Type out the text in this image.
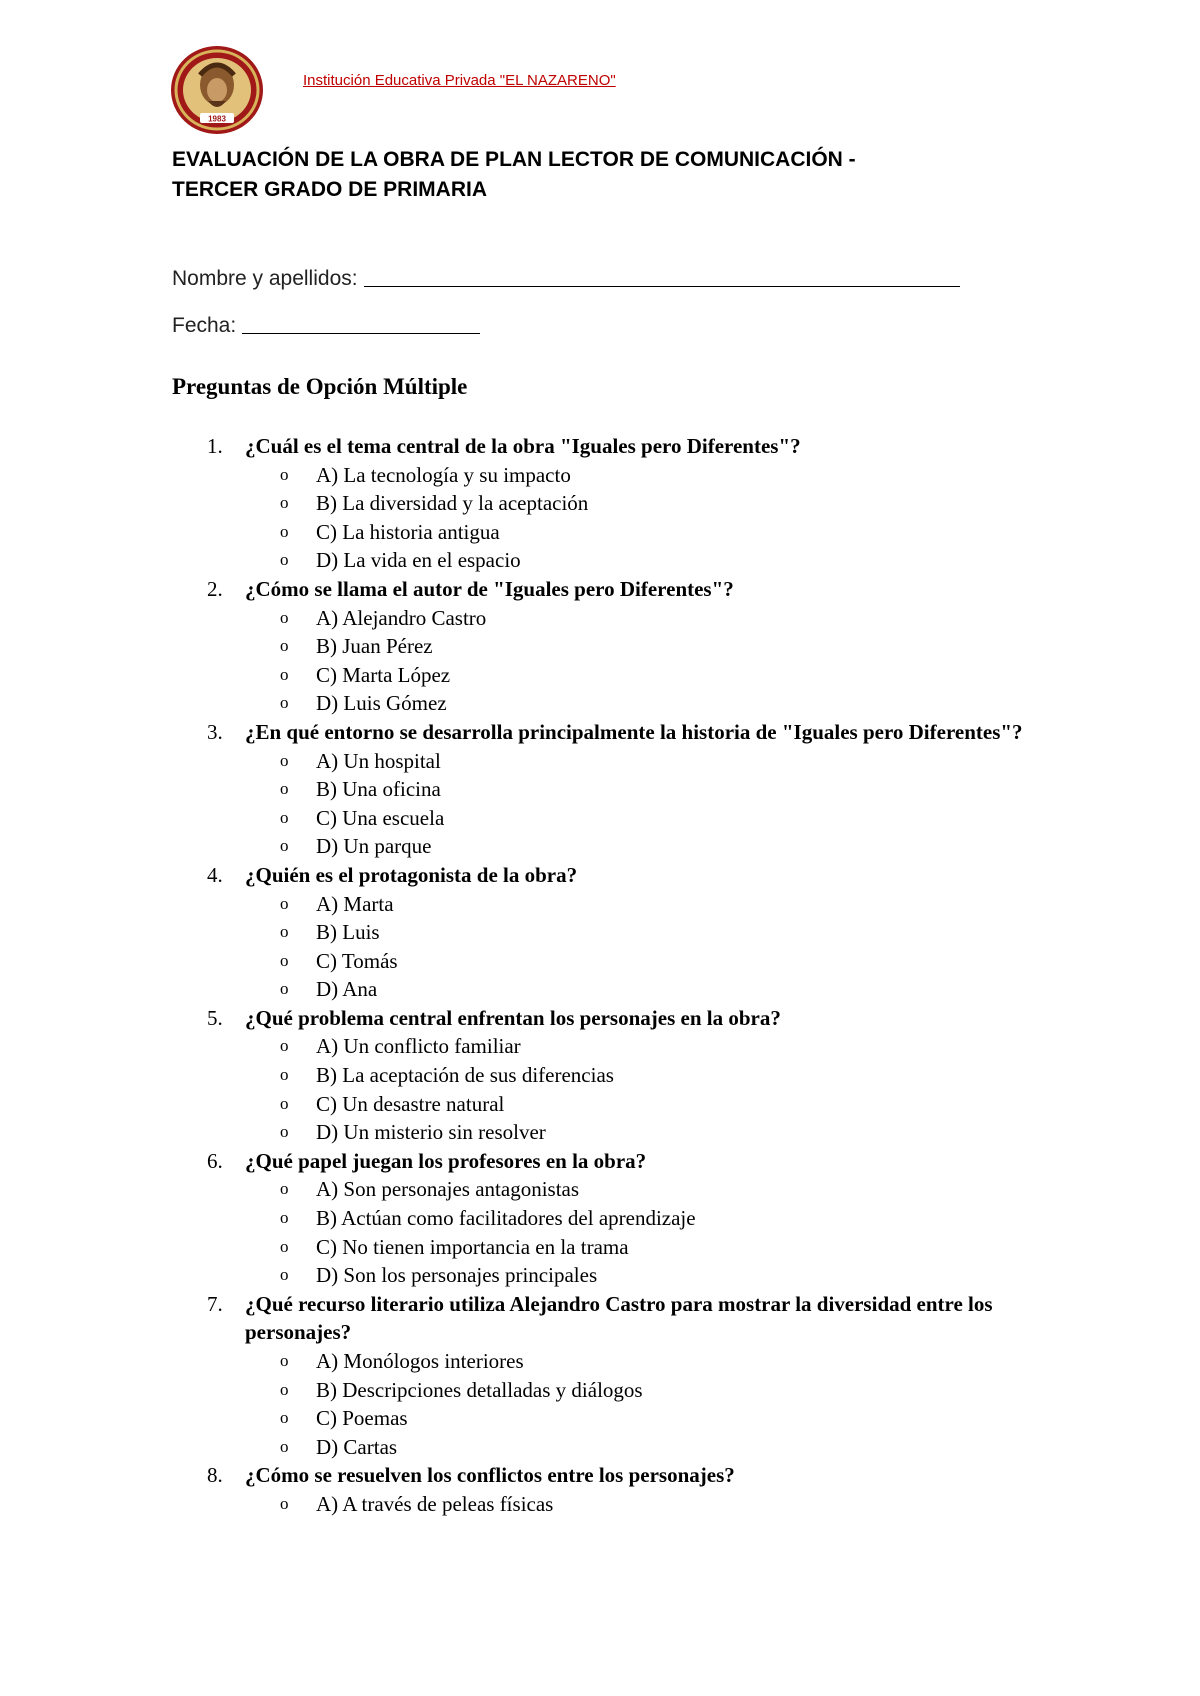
1983
Institución Educativa Privada "EL NAZARENO"
EVALUACIÓN DE LA OBRA DE PLAN LECTOR DE COMUNICACIÓN -
TERCER GRADO DE PRIMARIA
Nombre y apellidos:
Fecha:
Preguntas de Opción Múltiple
1. ¿Cuál es el tema central de la obra "Iguales pero Diferentes"?
o A) La tecnología y su impacto
o B) La diversidad y la aceptación
o C) La historia antigua
o D) La vida en el espacio
2. ¿Cómo se llama el autor de "Iguales pero Diferentes"?
o A) Alejandro Castro
o B) Juan Pérez
o C) Marta López
o D) Luis Gómez
3. ¿En qué entorno se desarrolla principalmente la historia de "Iguales pero Diferentes"?
o A) Un hospital
o B) Una oficina
o C) Una escuela
o D) Un parque
4. ¿Quién es el protagonista de la obra?
o A) Marta
o B) Luis
o C) Tomás
o D) Ana
5. ¿Qué problema central enfrentan los personajes en la obra?
o A) Un conflicto familiar
o B) La aceptación de sus diferencias
o C) Un desastre natural
o D) Un misterio sin resolver
6. ¿Qué papel juegan los profesores en la obra?
o A) Son personajes antagonistas
o B) Actúan como facilitadores del aprendizaje
o C) No tienen importancia en la trama
o D) Son los personajes principales
7. ¿Qué recurso literario utiliza Alejandro Castro para mostrar la diversidad entre los personajes?
o A) Monólogos interiores
o B) Descripciones detalladas y diálogos
o C) Poemas
o D) Cartas
8. ¿Cómo se resuelven los conflictos entre los personajes?
o A) A través de peleas físicas
